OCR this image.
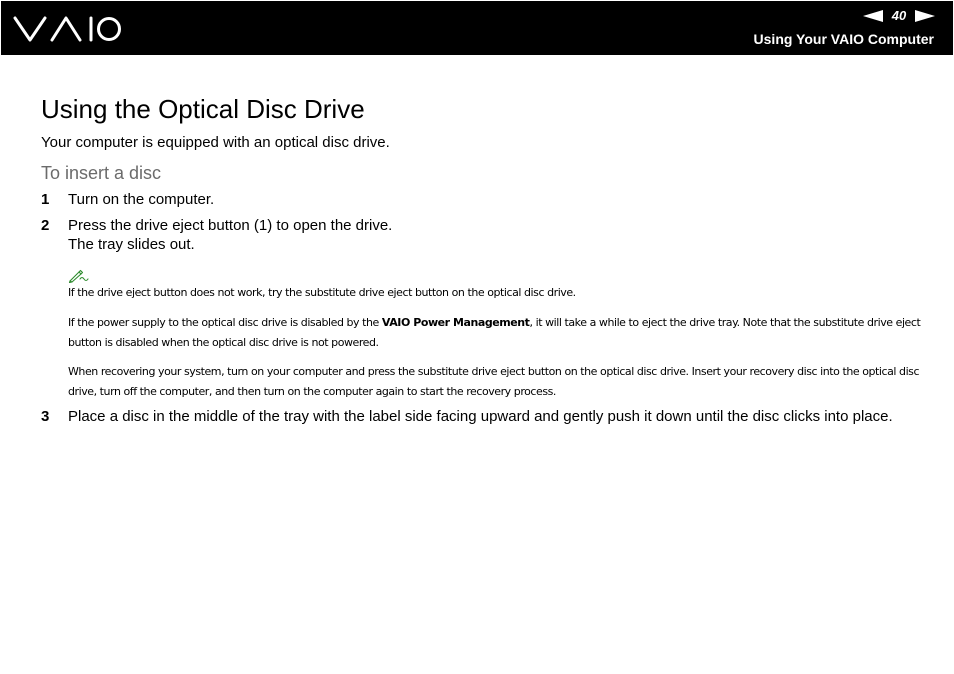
40
Using Your VAIO Computer
Using the Optical Disc Drive

Your computer is equipped with an optical disc drive.

To insert a disc

1	Turn on the computer.
2	Press the drive eject button (1) to open the drive.
The tray slides out.

If the drive eject button does not work, try the substitute drive eject button on the optical disc drive.

If the power supply to the optical disc drive is disabled by the VAIO Power Management, it will take a while to eject the drive tray. Note that the substitute drive eject button is disabled when the optical disc drive is not powered.

When recovering your system, turn on your computer and press the substitute drive eject button on the optical disc drive. Insert your recovery disc into the optical disc drive, turn off the computer, and then turn on the computer again to start the recovery process.

3	Place a disc in the middle of the tray with the label side facing upward and gently push it down until the disc clicks into place.
